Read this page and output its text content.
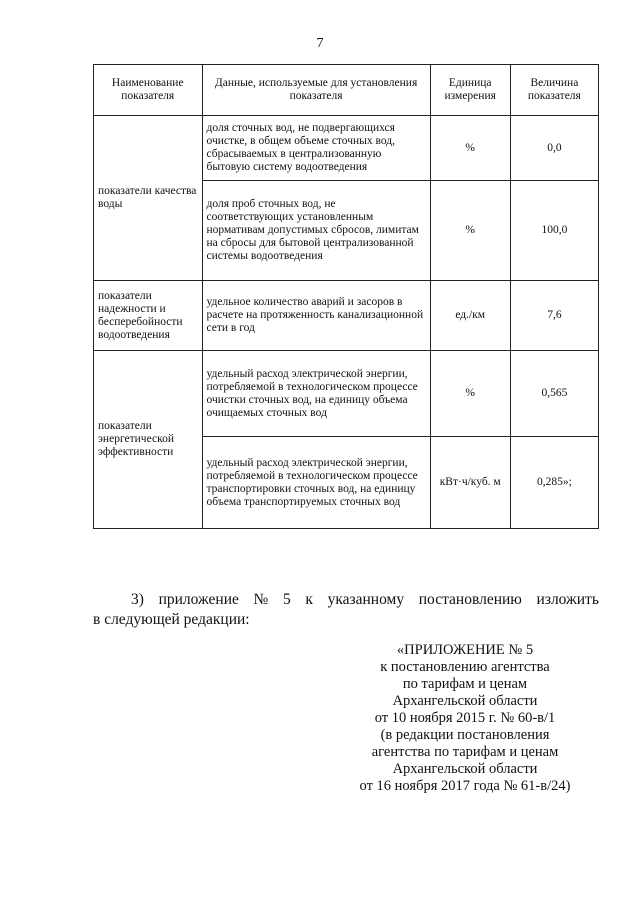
7
Наименование показателя	Данные, используемые для установления показателя	Единица измерения	Величина показателя
показатели качества воды	доля сточных вод, не подвергающихся очистке, в общем объеме сточных вод, сбрасываемых в централизованную бытовую систему водоотведения	%	0,0
	доля проб сточных вод, не соответствующих установленным нормативам допустимых сбросов, лимитам на сбросы для бытовой централизованной системы водоотведения	%	100,0
показатели надежности и бесперебойности водоотведения	удельное количество аварий и засоров в расчете на протяженность канализационной сети в год	ед./км	7,6
показатели энергетической эффективности	удельный расход электрической энергии, потребляемой в технологическом процессе очистки сточных вод, на единицу объема очищаемых сточных вод	%	0,565
	удельный расход электрической энергии, потребляемой в технологическом процессе транспортировки сточных вод, на единицу объема транспортируемых сточных вод	кВт·ч/куб. м	0,285»;
3) приложение № 5 к указанному постановлению изложить
в следующей редакции:
«ПРИЛОЖЕНИЕ № 5
к постановлению агентства
по тарифам и ценам
Архангельской области
от 10 ноября 2015 г. № 60-в/1
(в редакции постановления
агентства по тарифам и ценам
Архангельской области
от 16 ноября 2017 года № 61-в/24)
